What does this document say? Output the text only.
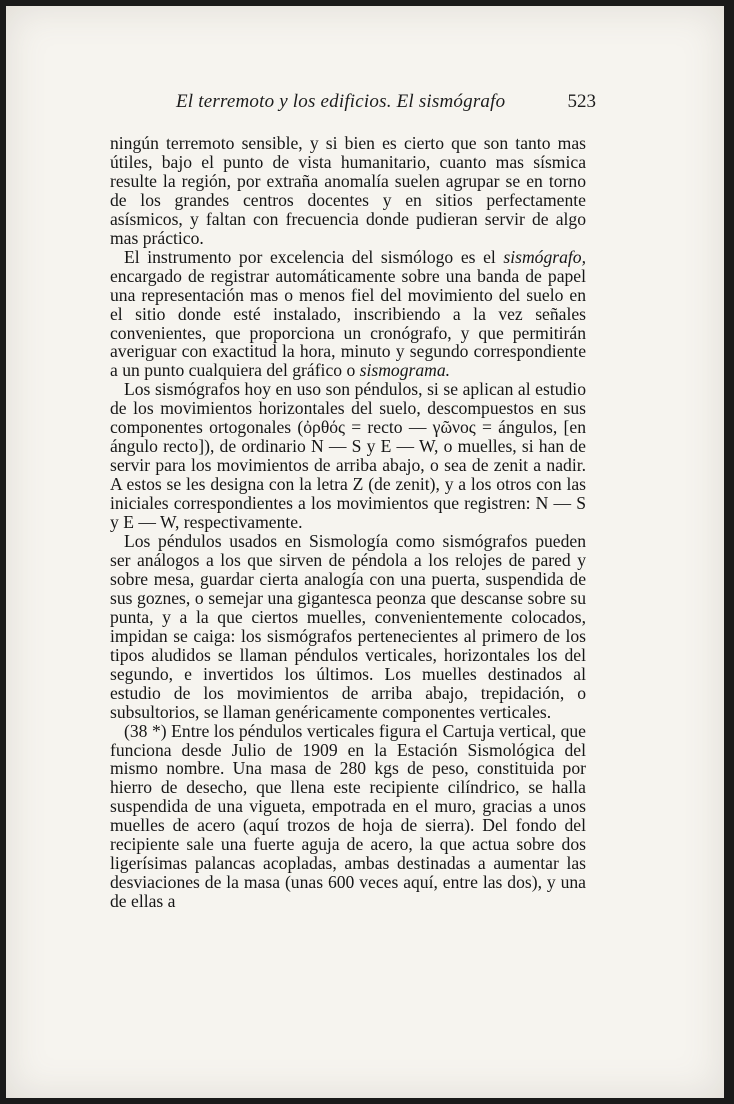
El terremoto y los edificios. El sismógrafo	523

ningún terremoto sensible, y si bien es cierto que son tanto mas útiles, bajo el punto de vista humanitario, cuanto mas sísmica resulte la región, por extraña anomalía suelen agrupar se en torno de los grandes centros docentes y en sitios perfectamente asísmicos, y faltan con frecuencia donde pudieran servir de algo mas práctico.

El instrumento por excelencia del sismólogo es el sismógrafo, encargado de registrar automáticamente sobre una banda de papel una representación mas o menos fiel del movimiento del suelo en el sitio donde esté instalado, inscribiendo a la vez señales convenientes, que proporciona un cronógrafo, y que permitirán averiguar con exactitud la hora, minuto y segundo correspondiente a un punto cualquiera del gráfico o sismograma.

Los sismógrafos hoy en uso son péndulos, si se aplican al estudio de los movimientos horizontales del suelo, descompuestos en sus componentes ortogonales (ὀρθός = recto — γῶνος = ángulos, [en ángulo recto]), de ordinario N — S y E — W, o muelles, si han de servir para los movimientos de arriba abajo, o sea de zenit a nadir. A estos se les designa con la letra Z (de zenit), y a los otros con las iniciales correspondientes a los movimientos que registren: N — S y E — W, respectivamente.

Los péndulos usados en Sismología como sismógrafos pueden ser análogos a los que sirven de péndola a los relojes de pared y sobre mesa, guardar cierta analogía con una puerta, suspendida de sus goznes, o semejar una gigantesca peonza que descanse sobre su punta, y a la que ciertos muelles, convenientemente colocados, impidan se caiga: los sismógrafos pertenecientes al primero de los tipos aludidos se llaman péndulos verticales, horizontales los del segundo, e invertidos los últimos. Los muelles destinados al estudio de los movimientos de arriba abajo, trepidación, o subsultorios, se llaman genéricamente componentes verticales.

(38 *) Entre los péndulos verticales figura el Cartuja vertical, que funciona desde Julio de 1909 en la Estación Sismológica del mismo nombre. Una masa de 280 kgs de peso, constituida por hierro de desecho, que llena este recipiente cilíndrico, se halla suspendida de una vigueta, empotrada en el muro, gracias a unos muelles de acero (aquí trozos de hoja de sierra). Del fondo del recipiente sale una fuerte aguja de acero, la que actua sobre dos ligerísimas palancas acopladas, ambas destinadas a aumentar las desviaciones de la masa (unas 600 veces aquí, entre las dos), y una de ellas a
